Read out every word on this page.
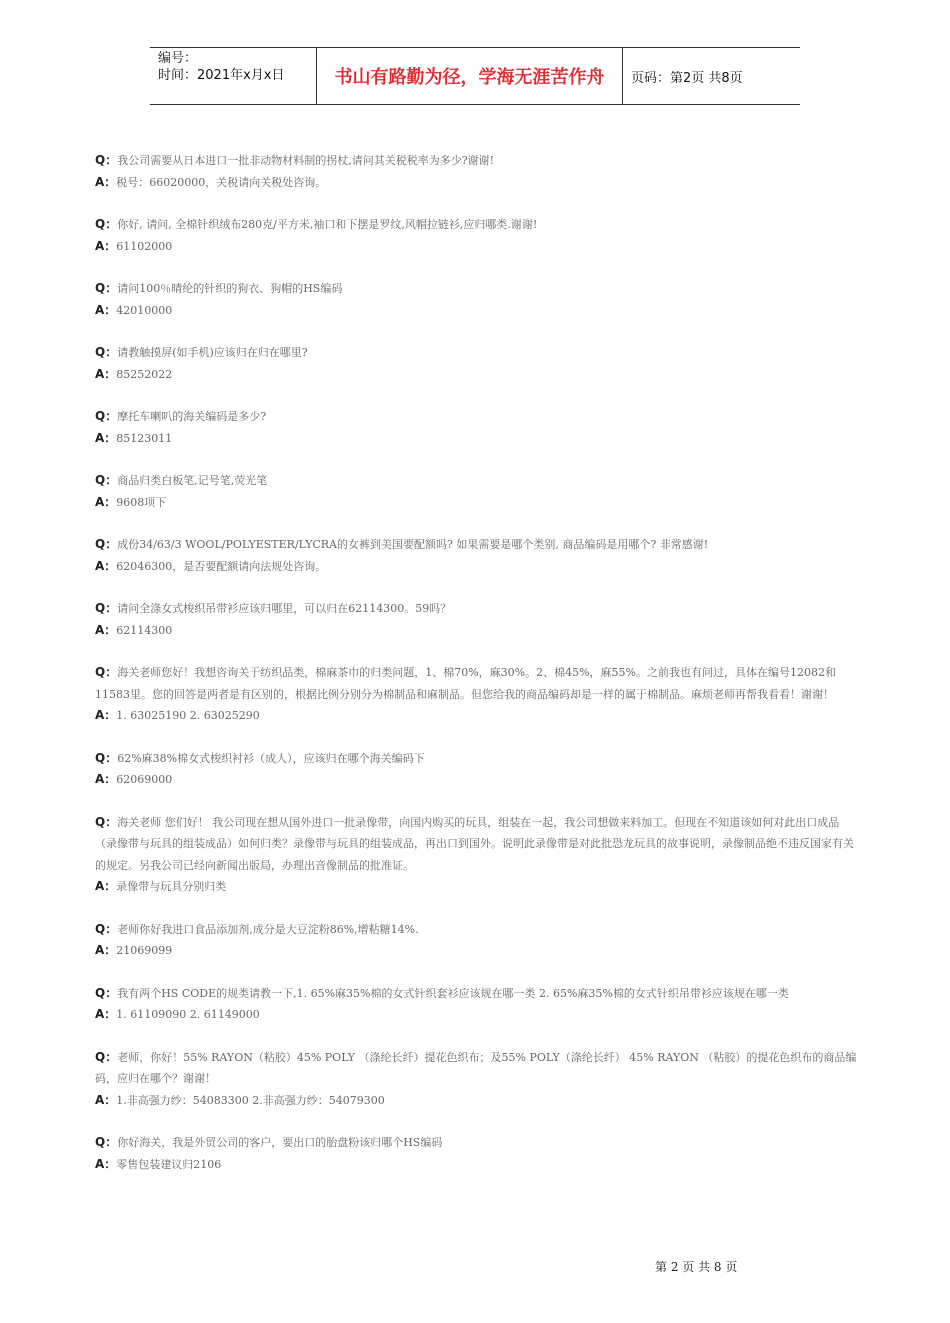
编号：
时间：2021年x月x日	书山有路勤为径，学海无涯苦作舟	页码：第2页 共8页
Q：我公司需要从日本进口一批非动物材料制的拐杖,请问其关税税率为多少?谢谢!
A：税号：66020000，关税请向关税处咨询。
Q：你好, 请问, 全棉针织绒布280克/平方米,袖口和下摆是罗纹,风帽拉链衫,应归哪类.谢谢!
A：61102000
Q：请问100％晴纶的针织的狗衣、狗帽的HS编码
A：42010000
Q：请教触摸屏(如手机)应该归在归在哪里?
A：85252022
Q：摩托车喇叭的海关编码是多少?
A：85123011
Q：商品归类白板笔,记号笔,荧光笔
A：9608项下
Q：成份34/63/3 WOOL/POLYESTER/LYCRA的女裤到美国要配额吗? 如果需要是哪个类别, 商品编码是用哪个? 非常感谢!
A：62046300，是否要配额请向法规处咨询。
Q：请问全涤女式梭织吊带衫应该归哪里，可以归在62114300。59吗？
A：62114300
Q：海关老师您好！我想咨询关于纺织品类，棉麻茶巾的归类问题，1、棉70%，麻30%。2、棉45%，麻55%。之前我也有问过，具体在编号12082和11583里。您的回答是两者是有区别的，根据比例分别分为棉制品和麻制品。但您给我的商品编码却是一样的属于棉制品。麻烦老师再帮我看看！谢谢！
A：1. 63025190 2. 63025290
Q：62%麻38%棉女式梭织衬衫（成人），应该归在哪个海关编码下
A：62069000
Q：海关老师 您们好！ 我公司现在想从国外进口一批录像带，向国内购买的玩具，组装在一起，我公司想做来料加工。但现在不知道该如何对此出口成品（录像带与玩具的组装成品）如何归类？录像带与玩具的组装成品，再出口到国外。说明此录像带是对此批恐龙玩具的故事说明，录像制品绝不违反国家有关的规定。另我公司已经向新闻出版局，办理出音像制品的批准证。
A：录像带与玩具分别归类
Q：老师你好我进口食品添加剂,成分是大豆淀粉86%,增粘糖14%.
A：21069099
Q：我有两个HS CODE的规类请教一下,1. 65%麻35%棉的女式针织套衫应该规在哪一类 2. 65%麻35%棉的女式针织吊带衫应该规在哪一类
A：1. 61109090 2. 61149000
Q：老师，你好！55% RAYON（粘胶）45% POLY （涤纶长纤）提花色织布；及55% POLY（涤纶长纤） 45% RAYON （粘胶）的提花色织布的商品编码，应归在哪个？谢谢！
A：1.非高强力纱：54083300 2.非高强力纱：54079300
Q：你好海关，我是外贸公司的客户，要出口的胎盘粉该归哪个HS编码
A：零售包装建议归2106
第 2 页 共 8 页
